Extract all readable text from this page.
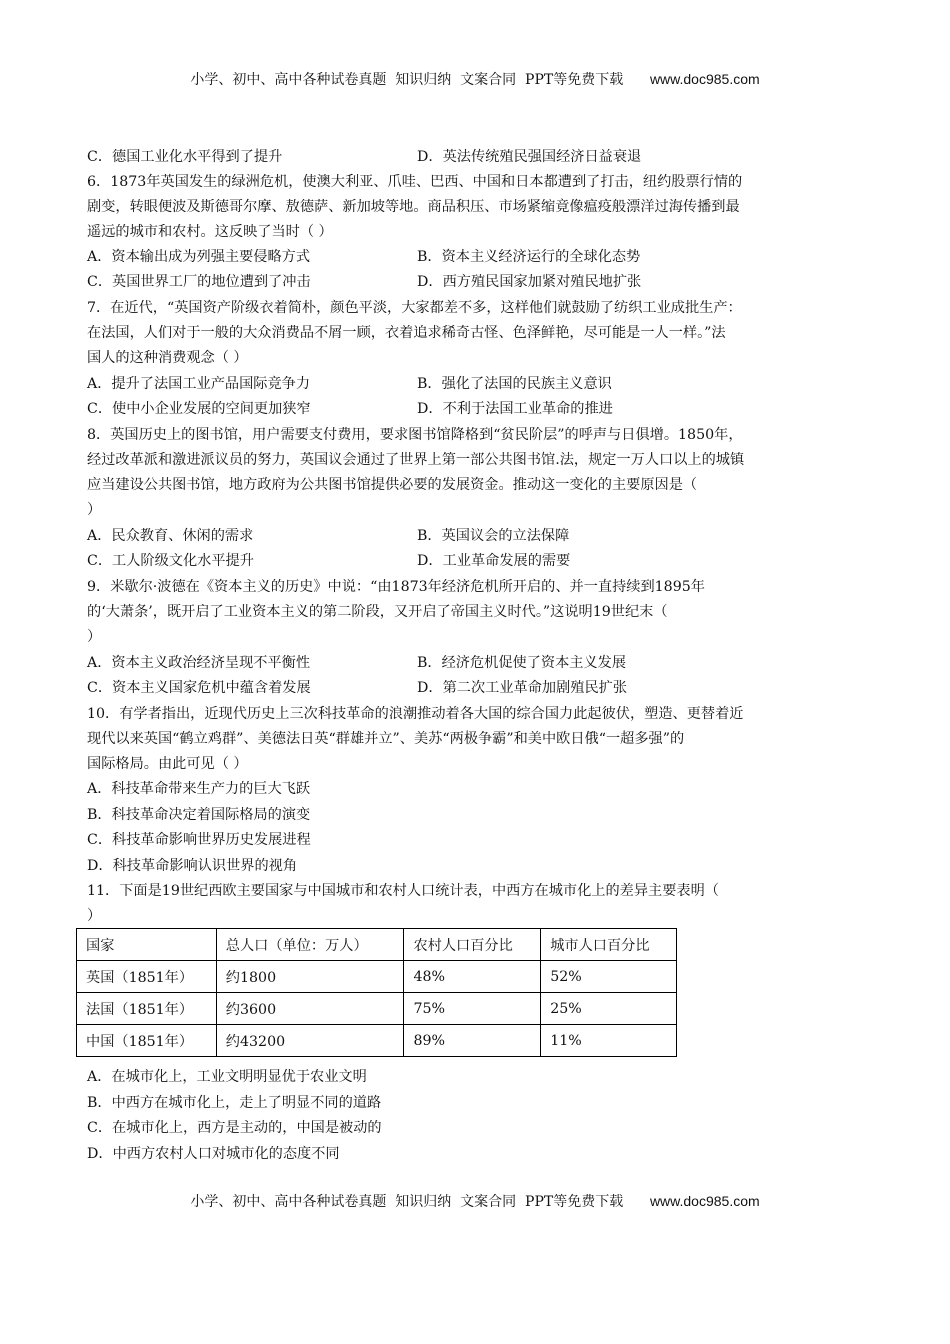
小学、初中、高中各种试卷真题  知识归纳  文案合同  PPT等免费下载 www.doc985.com
C．德国工业化水平得到了提升	D．英法传统殖民强国经济日益衰退
6．1873年英国发生的绿洲危机，使澳大利亚、爪哇、巴西、中国和日本都遭到了打击，纽约股票行情的
剧变，转眼便波及斯德哥尔摩、敖德萨、新加坡等地。商品积压、市场紧缩竟像瘟疫般漂洋过海传播到最
遥远的城市和农村。这反映了当时（ ）
A．资本输出成为列强主要侵略方式	B．资本主义经济运行的全球化态势
C．英国世界工厂的地位遭到了冲击	D．西方殖民国家加紧对殖民地扩张
7．在近代，“英国资产阶级衣着简朴，颜色平淡，大家都差不多，这样他们就鼓励了纺织工业成批生产：
在法国，人们对于一般的大众消费品不屑一顾，衣着追求稀奇古怪、色泽鲜艳，尽可能是一人一样。”法
国人的这种消费观念（ ）
A．提升了法国工业产品国际竞争力	B．强化了法国的民族主义意识
C．使中小企业发展的空间更加狭窄	D．不利于法国工业革命的推进
8．英国历史上的图书馆，用户需要支付费用，要求图书馆降格到“贫民阶层”的呼声与日俱增。1850年，
经过改革派和激进派议员的努力，英国议会通过了世界上第一部公共图书馆.法，规定一万人口以上的城镇
应当建设公共图书馆，地方政府为公共图书馆提供必要的发展资金。推动这一变化的主要原因是（
）
A．民众教育、休闲的需求	B．英国议会的立法保障
C．工人阶级文化水平提升	D．工业革命发展的需要
9．米歇尔·波德在《资本主义的历史》中说：“由1873年经济危机所开启的、并一直持续到1895年
的‘大萧条’，既开启了工业资本主义的第二阶段，又开启了帝国主义时代。”这说明19世纪末（
）
A．资本主义政治经济呈现不平衡性	B．经济危机促使了资本主义发展
C．资本主义国家危机中蕴含着发展	D．第二次工业革命加剧殖民扩张
10．有学者指出，近现代历史上三次科技革命的浪潮推动着各大国的综合国力此起彼伏，塑造、更替着近
现代以来英国“鹤立鸡群”、美德法日英“群雄并立”、美苏“两极争霸”和美中欧日俄“一超多强”的
国际格局。由此可见（ ）
A．科技革命带来生产力的巨大飞跃
B．科技革命决定着国际格局的演变
C．科技革命影响世界历史发展进程
D．科技革命影响认识世界的视角
11．下面是19世纪西欧主要国家与中国城市和农村人口统计表，中西方在城市化上的差异主要表明（
）
国家	总人口（单位：万人）	农村人口百分比	城市人口百分比
英国（1851年）	约1800	48%	52%
法国（1851年）	约3600	75%	25%
中国（1851年）	约43200	89%	11%
A．在城市化上，工业文明明显优于农业文明
B．中西方在城市化上，走上了明显不同的道路
C．在城市化上，西方是主动的，中国是被动的
D．中西方农村人口对城市化的态度不同
小学、初中、高中各种试卷真题  知识归纳  文案合同  PPT等免费下载 www.doc985.com
